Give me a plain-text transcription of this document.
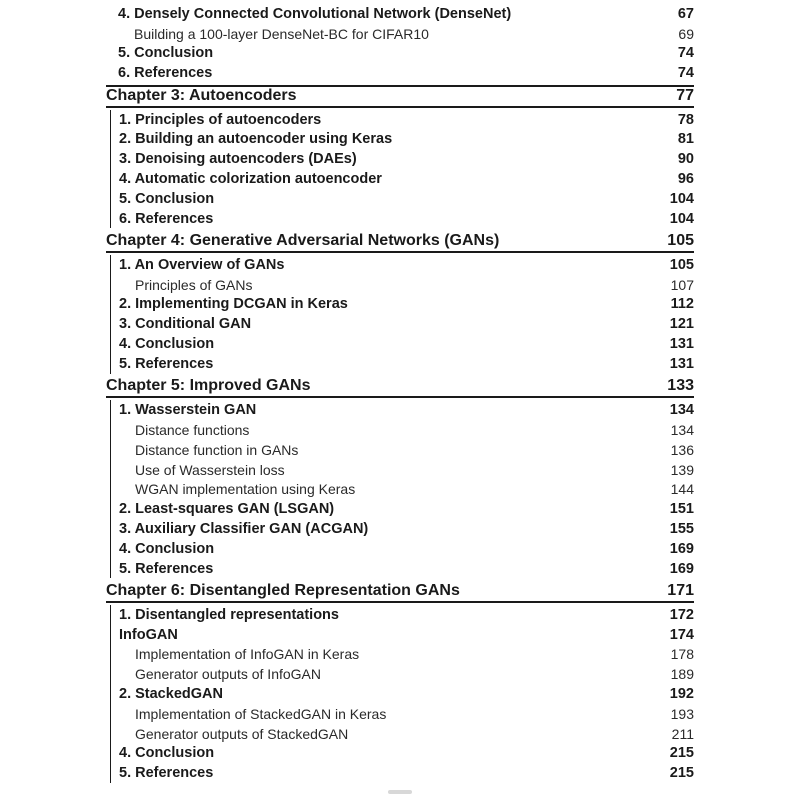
4. Densely Connected Convolutional Network (DenseNet)	67
Building a 100-layer DenseNet-BC for CIFAR10	69
5. Conclusion	74
6. References	74
Chapter 3: Autoencoders	77
1. Principles of autoencoders	78
2. Building an autoencoder using Keras	81
3. Denoising autoencoders (DAEs)	90
4. Automatic colorization autoencoder	96
5. Conclusion	104
6. References	104
Chapter 4: Generative Adversarial Networks (GANs)	105
1. An Overview of GANs	105
Principles of GANs	107
2. Implementing DCGAN in Keras	112
3. Conditional GAN	121
4. Conclusion	131
5. References	131
Chapter 5: Improved GANs	133
1. Wasserstein GAN	134
Distance functions	134
Distance function in GANs	136
Use of Wasserstein loss	139
WGAN implementation using Keras	144
2. Least-squares GAN (LSGAN)	151
3. Auxiliary Classifier GAN (ACGAN)	155
4. Conclusion	169
5. References	169
Chapter 6: Disentangled Representation GANs	171
1. Disentangled representations	172
InfoGAN	174
Implementation of InfoGAN in Keras	178
Generator outputs of InfoGAN	189
2. StackedGAN	192
Implementation of StackedGAN in Keras	193
Generator outputs of StackedGAN	211
4. Conclusion	215
5. References	215
